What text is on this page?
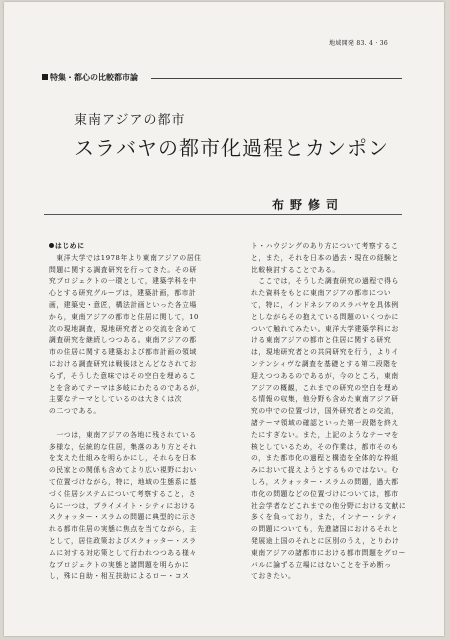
地域開発 83. 4 · 36
特集・都心の比較都市論
東南アジアの都市
スラバヤの都市化過程とカンポン
布野修司

はじめに

　東洋大学では1978年より東南アジアの居住

問題に関する調査研究を行ってきた。その研

究プロジェクトの一環として，建築学科を中

心とする研究グループは，建築計画，都市計

画，建築史・意匠，構法計画といった各立場

から，東南アジアの都市と住居に関して，10

次の現地調査，現地研究者との交流を含めて

調査研究を継続しつつある。東南アジアの都

市の住居に関する建築および都市計画の領域

における調査研究は戦後ほとんどなされてお

らず，そうした意味ではその空白を埋めるこ

とを含めてテーマは多岐にわたるのであるが，

主要なテーマとしているのは大きくは次

の二つである。

　一つは，東南アジアの各地に残されている

多様な，伝統的な住居，集落のあり方とそれ

を支えた仕組みを明らかにし，それらを日本

の民家との関係も含めてより広い視野におい

て位置づけながら，特に，地域の生態系に基

づく住居システムについて考察すること，さ

らに一つは，プライメイト・シティにおける

スクォッター・スラムの問題に典型的に示さ

れる都市住居の実態に焦点を当てながら，主

として，居住政策およびスクォッター・スラ

ムに対する対応策として行われつつある様々

なプロジェクトの実態と諸問題を明らかに

し，殊に自助・相互扶助によるロー・コス

ト・ハウジングのあり方について考察するこ

と，また，それを日本の過去・現在の経験と

比較検討することである。

　ここでは，そうした調査研究の過程で得ら

れた資料をもとに東南アジアの都市につい

て，特に，インドネシアのスラバヤを具体例

としながらその抱えている問題のいくつかに

ついて触れてみたい。東洋大学建築学科にお

ける東南アジアの都市と住居に関する研究

は，現地研究者との共同研究を行う，よりイ

ンテンシィヴな調査を基礎とする第二段階を

迎えつつあるのであるが，今のところ，東南

アジアの概観，これまでの研究の空白を埋め

る情報の収集，他分野も含めた東南アジア研

究の中での位置づけ，国外研究者との交流，

諸テーマ領域の確認といった第一段階を終え

たにすぎない。また，上記のようなテーマを

核としているため，その作業は，都市そのも

の，また都市化の過程と構造を全体的な枠組

みにおいて捉えようとするものではない。む

しろ，スクォッター・スラムの問題，過大都

市化の問題などの位置づけについては，都市

社会学者などこれまでの他分野における文献に

多くを負っており，また，インナー・シティ

の問題についても，先進諸国におけるそれと

発展途上国のそれとに区別のうえ，とりわけ

東南アジアの諸都市における都市問題をグロー

バルに論ずる立場にはないことを予め断っ

ておきたい。
